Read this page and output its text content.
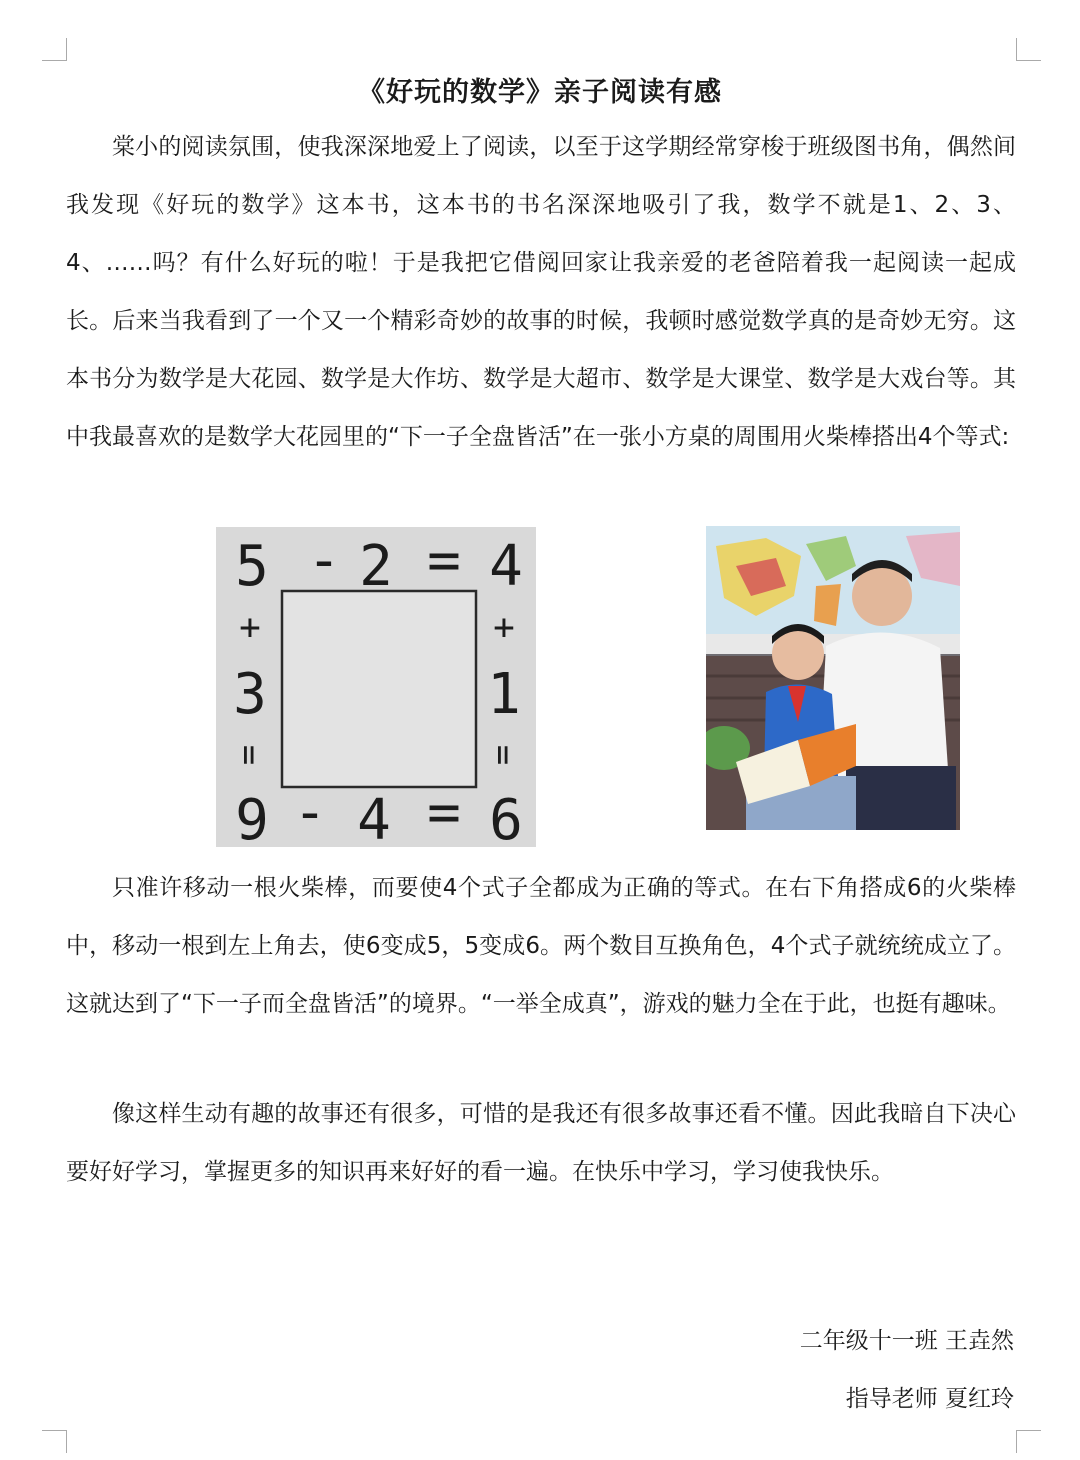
《好玩的数学》亲子阅读有感

棠小的阅读氛围，使我深深地爱上了阅读，以至于这学期经常穿梭于班级图书角，偶然间我发现《好玩的数学》这本书，这本书的书名深深地吸引了我，数学不就是1、2、3、4、……吗？有什么好玩的啦！于是我把它借阅回家让我亲爱的老爸陪着我一起阅读一起成长。后来当我看到了一个又一个精彩奇妙的故事的时候，我顿时感觉数学真的是奇妙无穷。这本书分为数学是大花园、数学是大作坊、数学是大超市、数学是大课堂、数学是大戏台等。其中我最喜欢的是数学大花园里的“下一子全盘皆活”在一张小方桌的周围用火柴棒搭出4个等式:

5 - 2 = 4
9 - 4 = 6
+
3
=
+
1
=

只准许移动一根火柴棒，而要使4个式子全都成为正确的等式。在右下角搭成6的火柴棒中，移动一根到左上角去，使6变成5，5变成6。两个数目互换角色，4个式子就统统成立了。这就达到了“下一子而全盘皆活”的境界。“一举全成真”，游戏的魅力全在于此，也挺有趣味。

像这样生动有趣的故事还有很多，可惜的是我还有很多故事还看不懂。因此我暗自下决心要好好学习，掌握更多的知识再来好好的看一遍。在快乐中学习，学习使我快乐。

二年级十一班 王垚然
指导老师 夏红玲
